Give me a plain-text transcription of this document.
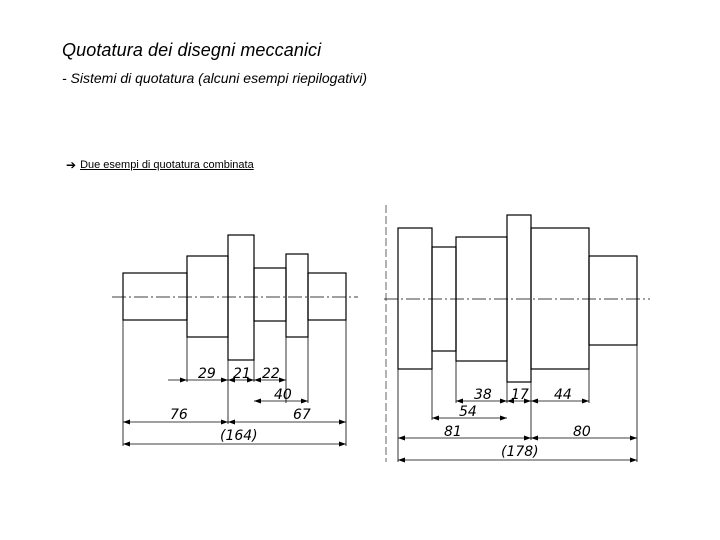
Quotatura dei disegni meccanici
- Sistemi di quotatura (alcuni esempi riepilogativi)
➔ Due esempi di quotatura combinata
29 21 22
40
76	67
(164)
38 17 44
54
81	80
(178)
